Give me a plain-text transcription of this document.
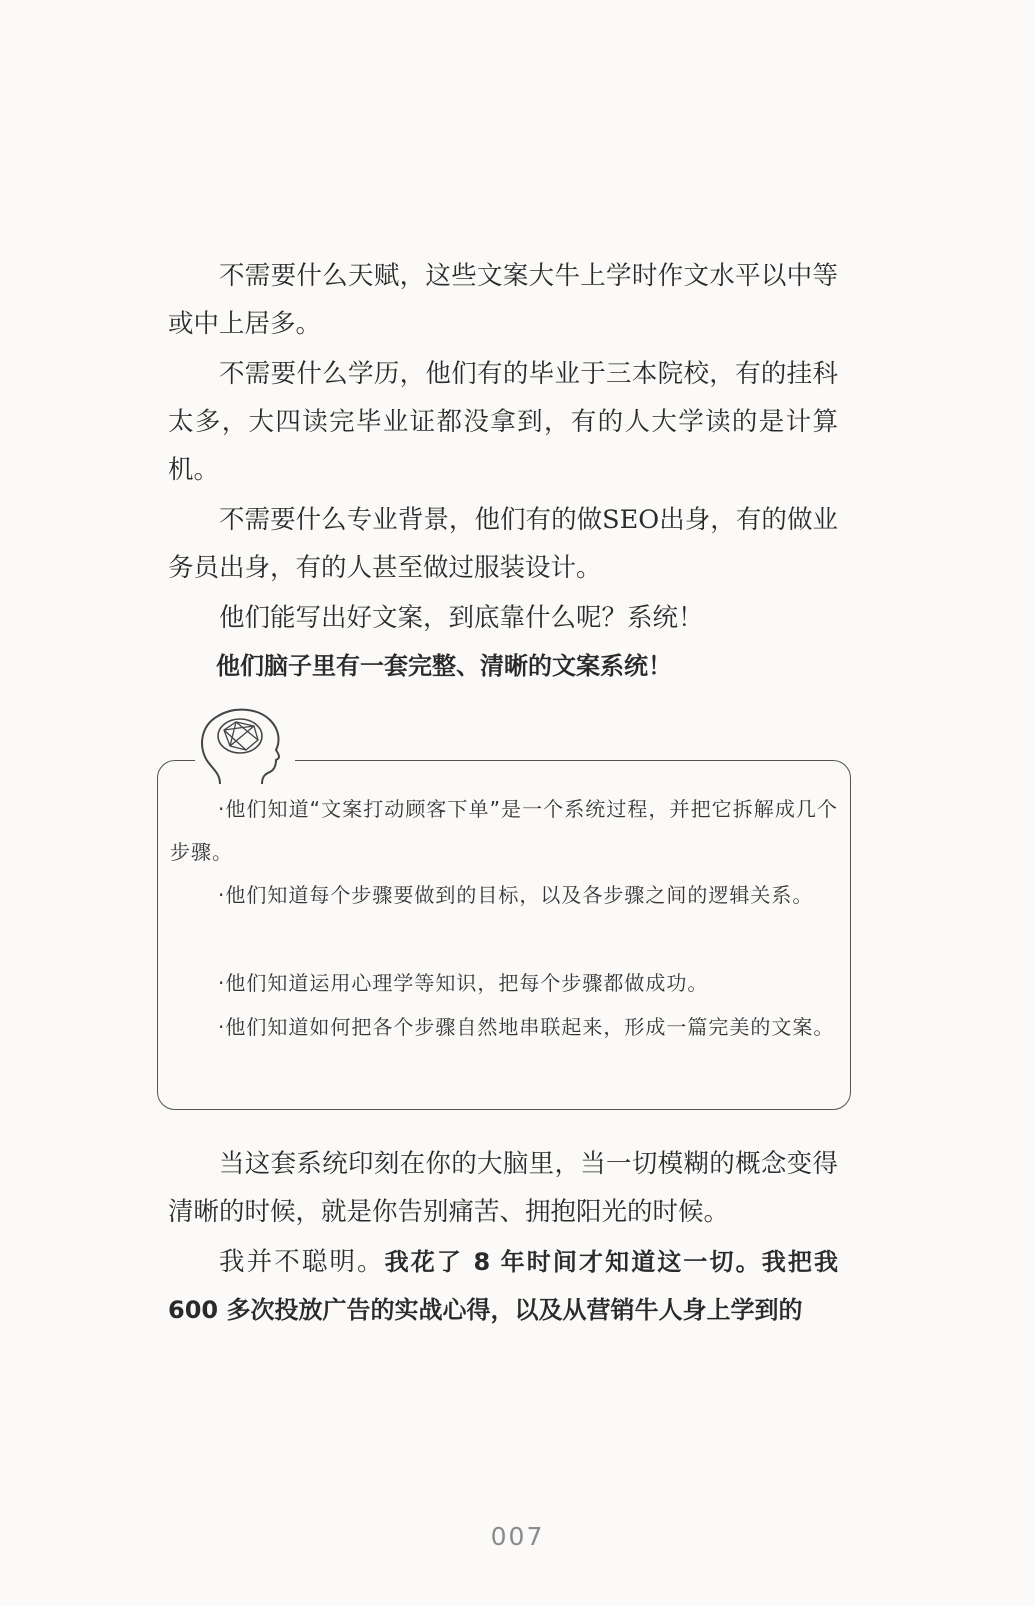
不需要什么天赋，这些文案大牛上学时作文水平以中等或中上居多。

不需要什么学历，他们有的毕业于三本院校，有的挂科太多，大四读完毕业证都没拿到，有的人大学读的是计算机。

不需要什么专业背景，他们有的做SEO出身，有的做业务员出身，有的人甚至做过服装设计。

他们能写出好文案，到底靠什么呢？系统！

他们脑子里有一套完整、清晰的文案系统！

·他们知道“文案打动顾客下单”是一个系统过程，并把它拆解成几个步骤。

·他们知道每个步骤要做到的目标，以及各步骤之间的逻辑关系。

·他们知道运用心理学等知识，把每个步骤都做成功。

·他们知道如何把各个步骤自然地串联起来，形成一篇完美的文案。

当这套系统印刻在你的大脑里，当一切模糊的概念变得清晰的时候，就是你告别痛苦、拥抱阳光的时候。

我并不聪明。我花了 8 年时间才知道这一切。我把我 600 多次投放广告的实战心得，以及从营销牛人身上学到的

007
